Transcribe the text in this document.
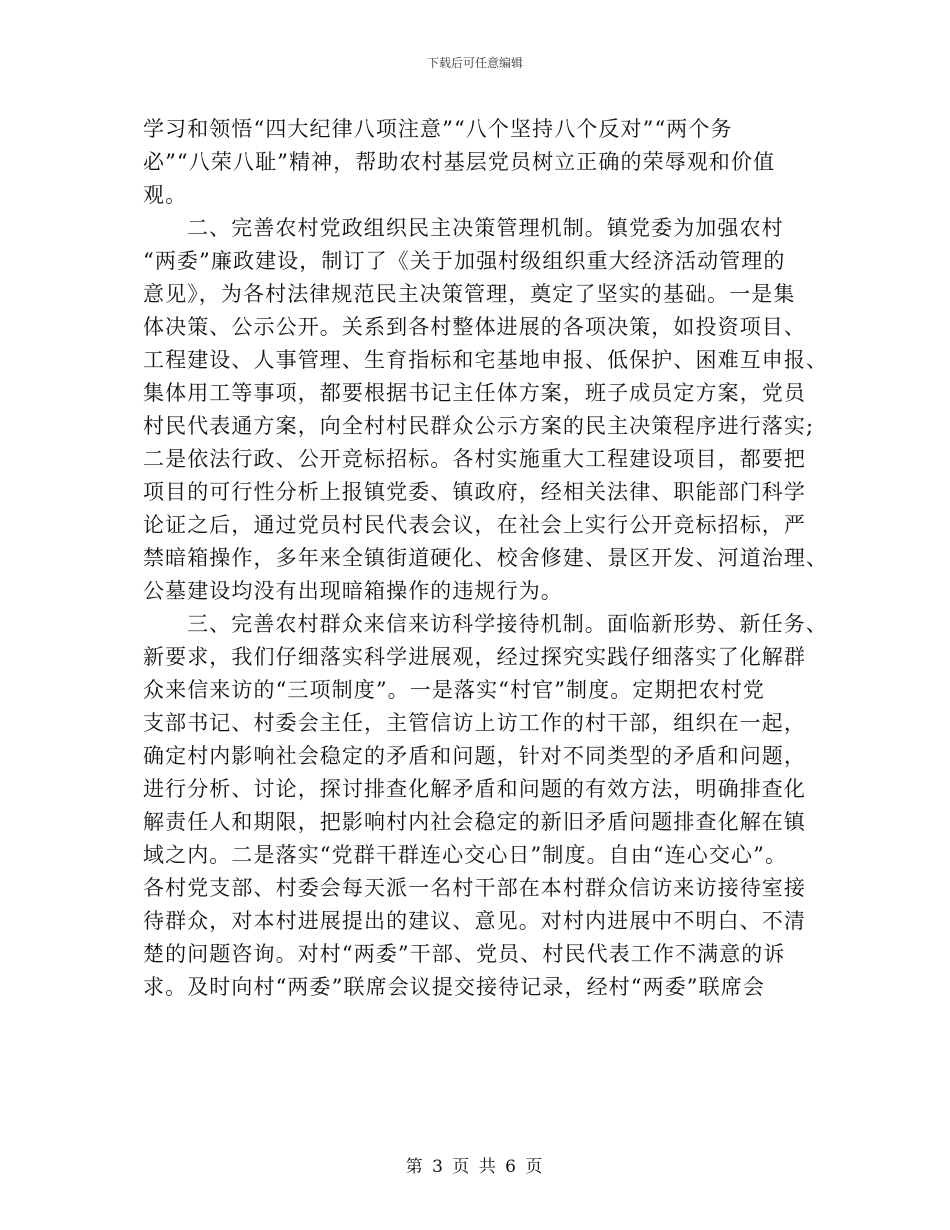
下载后可任意编辑
学习和领悟“四大纪律八项注意”“八个坚持八个反对”“两个务
必”“八荣八耻”精神，帮助农村基层党员树立正确的荣辱观和价值
观。
二、完善农村党政组织民主决策管理机制。镇党委为加强农村
“两委”廉政建设，制订了《关于加强村级组织重大经济活动管理的
意见》，为各村法律规范民主决策管理，奠定了坚实的基础。一是集
体决策、公示公开。关系到各村整体进展的各项决策，如投资项目、
工程建设、人事管理、生育指标和宅基地申报、低保护、困难互申报、
集体用工等事项，都要根据书记主任体方案，班子成员定方案，党员
村民代表通方案，向全村村民群众公示方案的民主决策程序进行落实;
二是依法行政、公开竞标招标。各村实施重大工程建设项目，都要把
项目的可行性分析上报镇党委、镇政府，经相关法律、职能部门科学
论证之后，通过党员村民代表会议，在社会上实行公开竞标招标，严
禁暗箱操作，多年来全镇街道硬化、校舍修建、景区开发、河道治理、
公墓建设均没有出现暗箱操作的违规行为。
三、完善农村群众来信来访科学接待机制。面临新形势、新任务、
新要求，我们仔细落实科学进展观，经过探究实践仔细落实了化解群
众来信来访的“三项制度”。一是落实“村官”制度。定期把农村党
支部书记、村委会主任，主管信访上访工作的村干部，组织在一起，
确定村内影响社会稳定的矛盾和问题，针对不同类型的矛盾和问题，
进行分析、讨论，探讨排查化解矛盾和问题的有效方法，明确排查化
解责任人和期限，把影响村内社会稳定的新旧矛盾问题排查化解在镇
域之内。二是落实“党群干群连心交心日”制度。自由“连心交心”。
各村党支部、村委会每天派一名村干部在本村群众信访来访接待室接
待群众，对本村进展提出的建议、意见。对村内进展中不明白、不清
楚的问题咨询。对村“两委”干部、党员、村民代表工作不满意的诉
求。及时向村“两委”联席会议提交接待记录，经村“两委”联席会
第 3 页 共 6 页
